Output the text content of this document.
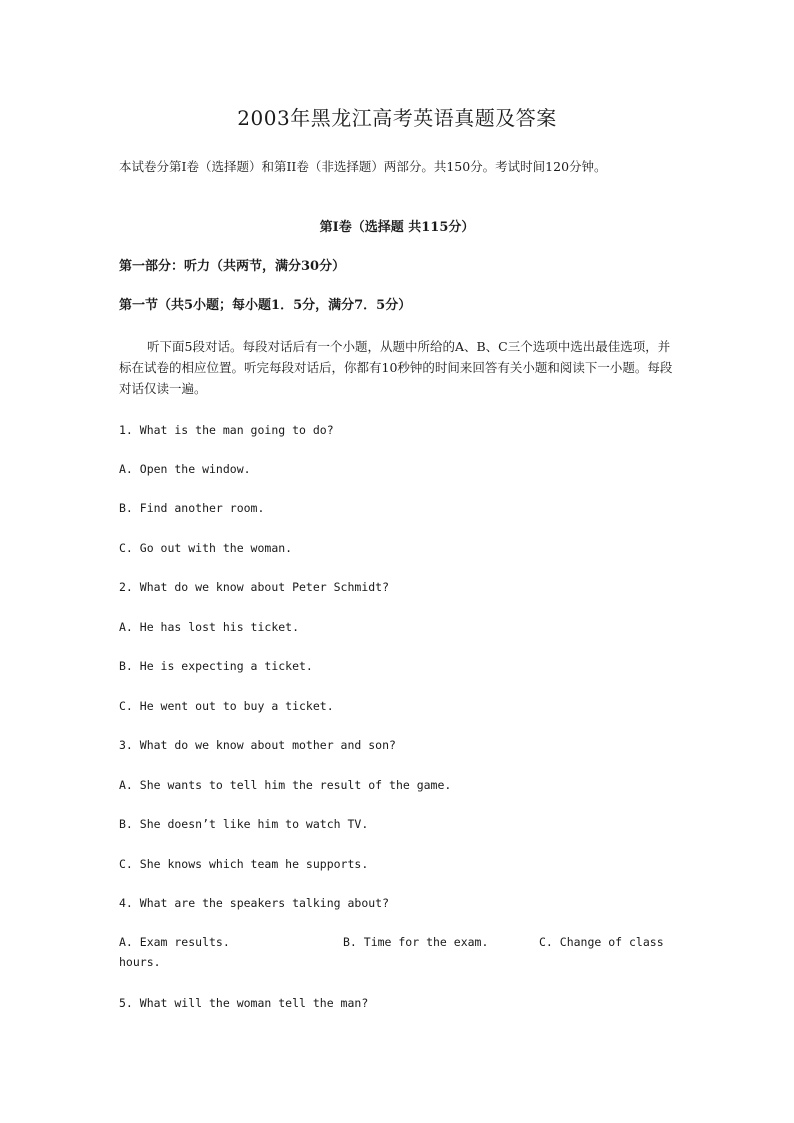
2003年黑龙江高考英语真题及答案
本试卷分第I卷（选择题）和第II卷（非选择题）两部分。共150分。考试时间120分钟。
第I卷（选择题 共115分）
第一部分：听力（共两节，满分30分）
第一节（共5小题；每小题1．5分，满分7．5分）
听下面5段对话。每段对话后有一个小题，从题中所给的A、B、C三个选项中选出最佳选项，并标在试卷的相应位置。听完每段对话后，你都有10秒钟的时间来回答有关小题和阅读下一小题。每段对话仅读一遍。
1. What is the man going to do?
A. Open the window.
B. Find another room.
C. Go out with the woman.
2. What do we know about Peter Schmidt?
A. He has lost his ticket.
B. He is expecting a ticket.
C. He went out to buy a ticket.
3. What do we know about mother and son?
A. She wants to tell him the result of the game.
B. She doesn’t like him to watch TV.
C. She knows which team he supports.
4. What are the speakers talking about?
A. Exam results.	B. Time for the exam.	C. Change of class
hours.
5. What will the woman tell the man?
